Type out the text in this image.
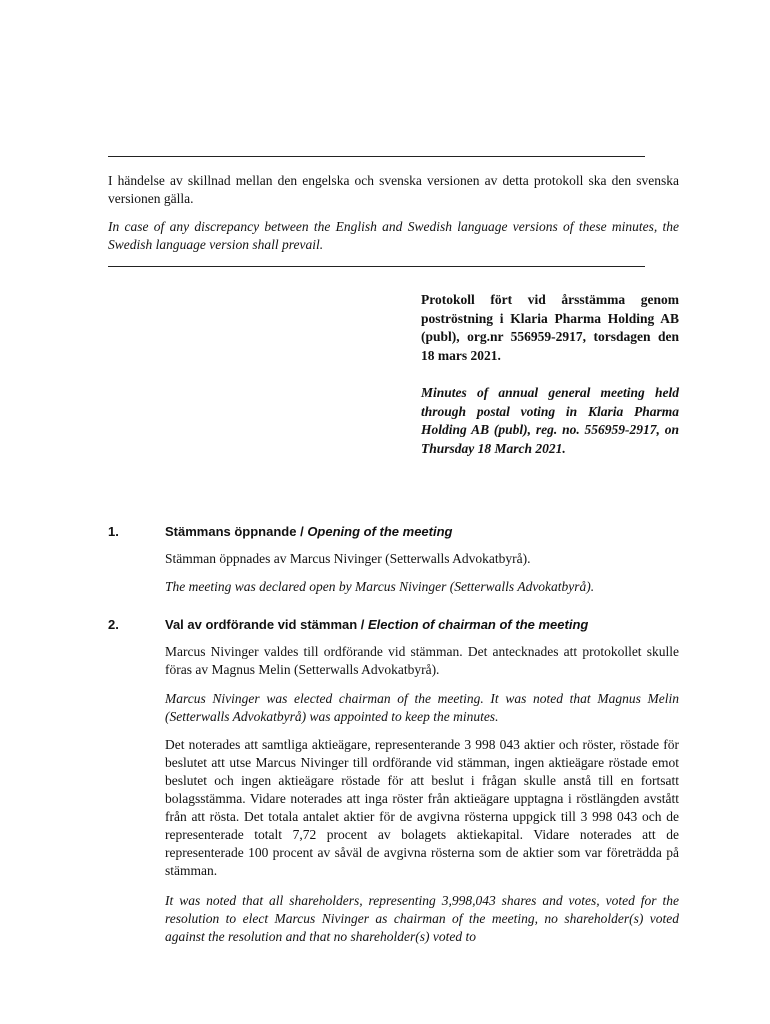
I händelse av skillnad mellan den engelska och svenska versionen av detta protokoll ska den svenska versionen gälla.

In case of any discrepancy between the English and Swedish language versions of these minutes, the Swedish language version shall prevail.

Protokoll fört vid årsstämma genom poströstning i Klaria Pharma Holding AB (publ), org.nr 556959-2917, torsdagen den 18 mars 2021.

Minutes of annual general meeting held through postal voting in Klaria Pharma Holding AB (publ), reg. no. 556959-2917, on Thursday 18 March 2021.

1.	Stämmans öppnande / Opening of the meeting

Stämman öppnades av Marcus Nivinger (Setterwalls Advokatbyrå).

The meeting was declared open by Marcus Nivinger (Setterwalls Advokatbyrå).

2.	Val av ordförande vid stämman / Election of chairman of the meeting

Marcus Nivinger valdes till ordförande vid stämman. Det antecknades att protokollet skulle föras av Magnus Melin (Setterwalls Advokatbyrå).

Marcus Nivinger was elected chairman of the meeting. It was noted that Magnus Melin (Setterwalls Advokatbyrå) was appointed to keep the minutes.

Det noterades att samtliga aktieägare, representerande 3 998 043 aktier och röster, röstade för beslutet att utse Marcus Nivinger till ordförande vid stämman, ingen aktieägare röstade emot beslutet och ingen aktieägare röstade för att beslut i frågan skulle anstå till en fortsatt bolagsstämma. Vidare noterades att inga röster från aktieägare upptagna i röstlängden avstått från att rösta. Det totala antalet aktier för de avgivna rösterna uppgick till 3 998 043 och de representerade totalt 7,72 procent av bolagets aktiekapital. Vidare noterades att de representerade 100 procent av såväl de avgivna rösterna som de aktier som var företrädda på stämman.

It was noted that all shareholders, representing 3,998,043 shares and votes, voted for the resolution to elect Marcus Nivinger as chairman of the meeting, no shareholder(s) voted against the resolution and that no shareholder(s) voted to
